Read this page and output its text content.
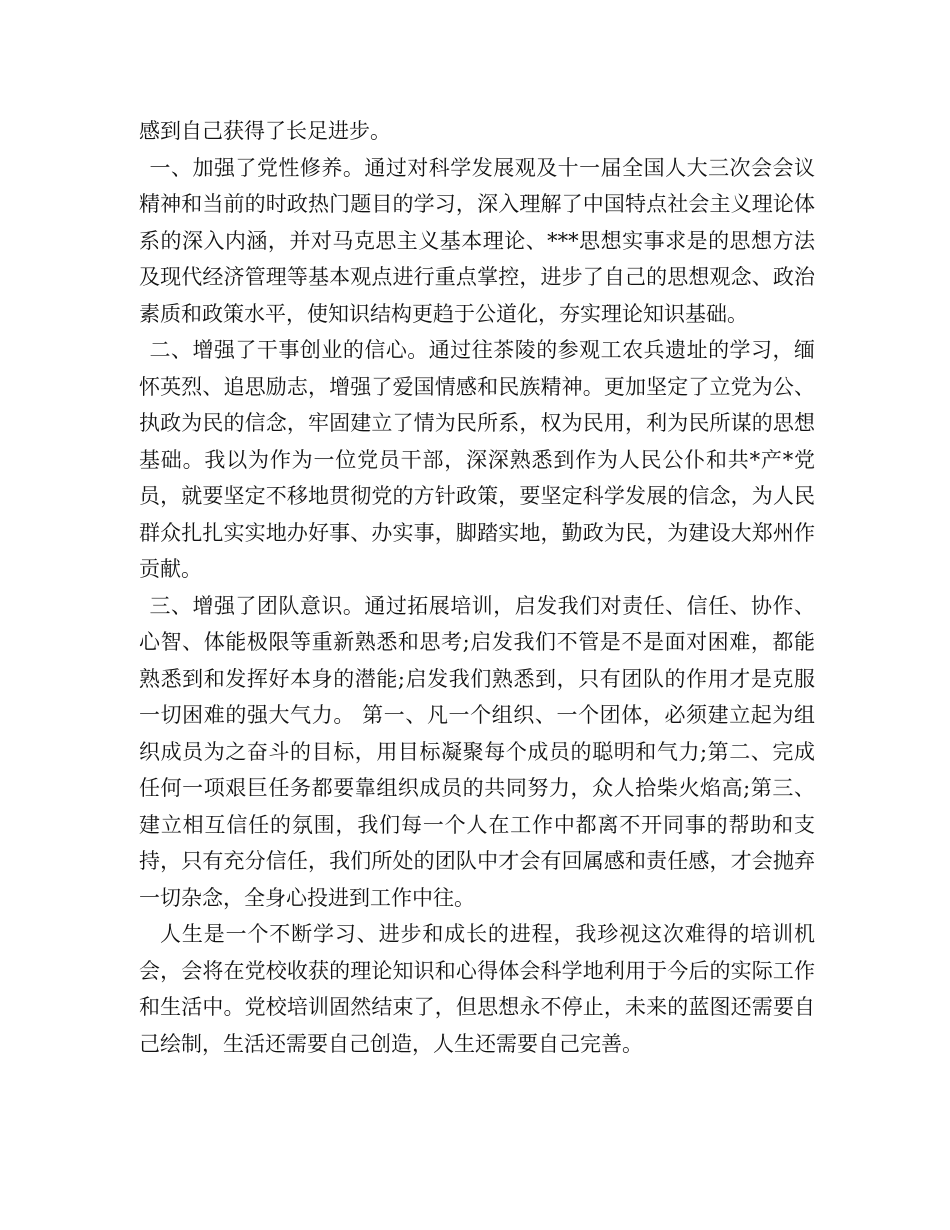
感到自己获得了长足进步。

一、加强了党性修养。通过对科学发展观及十一届全国人大三次会会议精神和当前的时政热门题目的学习，深入理解了中国特点社会主义理论体系的深入内涵，并对马克思主义基本理论、***思想实事求是的思想方法及现代经济管理等基本观点进行重点掌控，进步了自己的思想观念、政治素质和政策水平，使知识结构更趋于公道化，夯实理论知识基础。

二、增强了干事创业的信心。通过往茶陵的参观工农兵遗址的学习，缅怀英烈、追思励志，增强了爱国情感和民族精神。更加坚定了立党为公、执政为民的信念，牢固建立了情为民所系，权为民用，利为民所谋的思想基础。我以为作为一位党员干部，深深熟悉到作为人民公仆和共*产*党员，就要坚定不移地贯彻党的方针政策，要坚定科学发展的信念，为人民群众扎扎实实地办好事、办实事，脚踏实地，勤政为民，为建设大郑州作贡献。

三、增强了团队意识。通过拓展培训，启发我们对责任、信任、协作、心智、体能极限等重新熟悉和思考;启发我们不管是不是面对困难，都能熟悉到和发挥好本身的潜能;启发我们熟悉到，只有团队的作用才是克服一切困难的强大气力。 第一、凡一个组织、一个团体，必须建立起为组织成员为之奋斗的目标，用目标凝聚每个成员的聪明和气力;第二、完成任何一项艰巨任务都要靠组织成员的共同努力，众人拾柴火焰高;第三、建立相互信任的氛围，我们每一个人在工作中都离不开同事的帮助和支持，只有充分信任，我们所处的团队中才会有回属感和责任感，才会抛弃一切杂念，全身心投进到工作中往。

人生是一个不断学习、进步和成长的进程，我珍视这次难得的培训机会，会将在党校收获的理论知识和心得体会科学地利用于今后的实际工作和生活中。党校培训固然结束了，但思想永不停止，未来的蓝图还需要自己绘制，生活还需要自己创造，人生还需要自己完善。
